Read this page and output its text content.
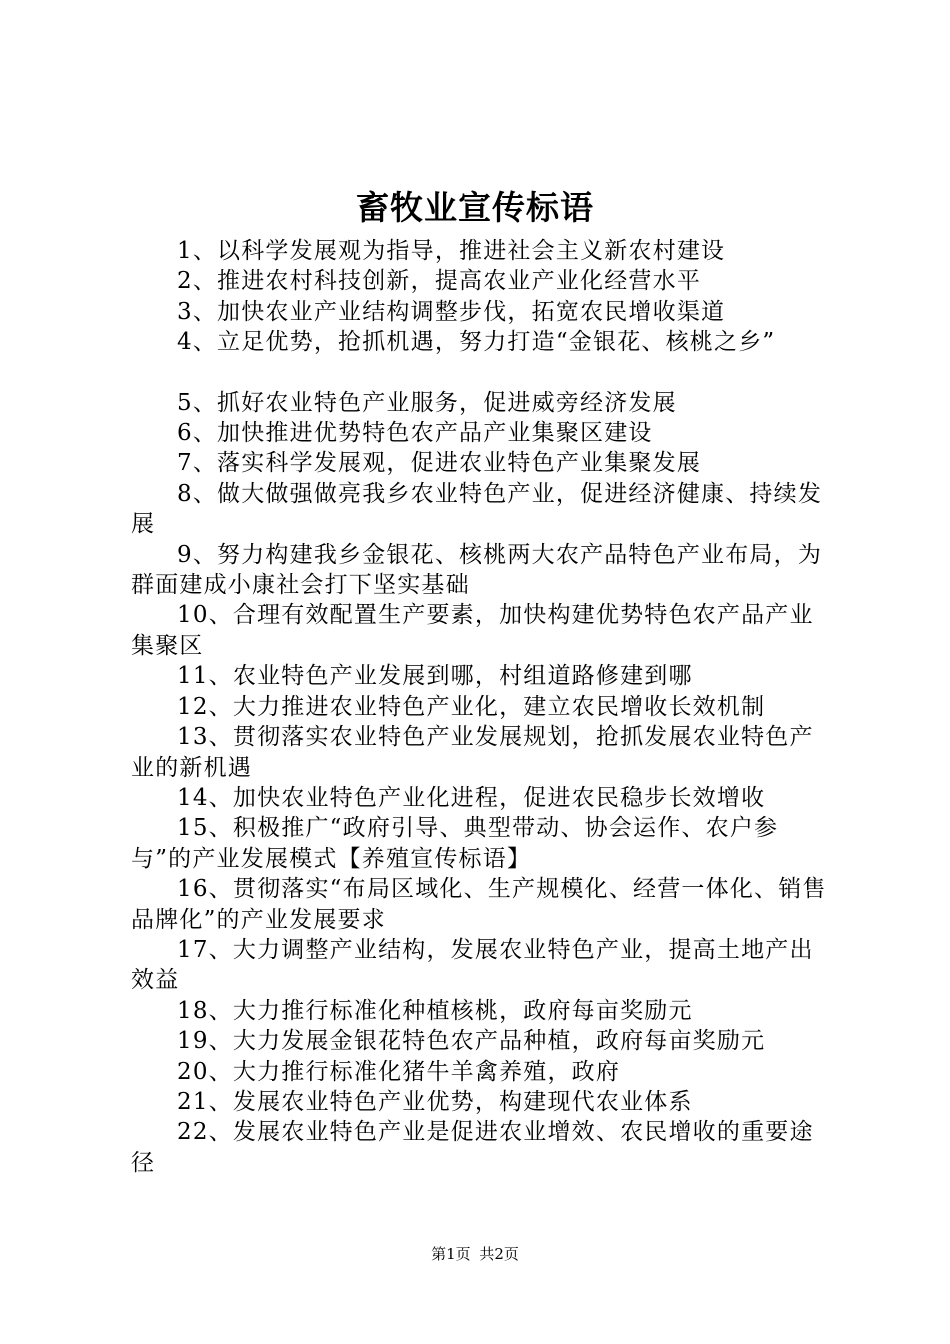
畜牧业宣传标语

1、以科学发展观为指导，推进社会主义新农村建设

2、推进农村科技创新，提高农业产业化经营水平

3、加快农业产业结构调整步伐，拓宽农民增收渠道

4、立足优势，抢抓机遇，努力打造“金银花、核桃之乡”

5、抓好农业特色产业服务，促进威旁经济发展

6、加快推进优势特色农产品产业集聚区建设

7、落实科学发展观，促进农业特色产业集聚发展

8、做大做强做亮我乡农业特色产业，促进经济健康、持续发展

9、努力构建我乡金银花、核桃两大农产品特色产业布局，为群面建成小康社会打下坚实基础

10、合理有效配置生产要素，加快构建优势特色农产品产业集聚区

11、农业特色产业发展到哪，村组道路修建到哪

12、大力推进农业特色产业化，建立农民增收长效机制

13、贯彻落实农业特色产业发展规划，抢抓发展农业特色产业的新机遇

14、加快农业特色产业化进程，促进农民稳步长效增收

15、积极推广“政府引导、典型带动、协会运作、农户参与”的产业发展模式【养殖宣传标语】

16、贯彻落实“布局区域化、生产规模化、经营一体化、销售品牌化”的产业发展要求

17、大力调整产业结构，发展农业特色产业，提高土地产出效益

18、大力推行标准化种植核桃，政府每亩奖励元

19、大力发展金银花特色农产品种植，政府每亩奖励元

20、大力推行标准化猪牛羊禽养殖，政府

21、发展农业特色产业优势，构建现代农业体系

22、发展农业特色产业是促进农业增效、农民增收的重要途径

第1页 共2页
